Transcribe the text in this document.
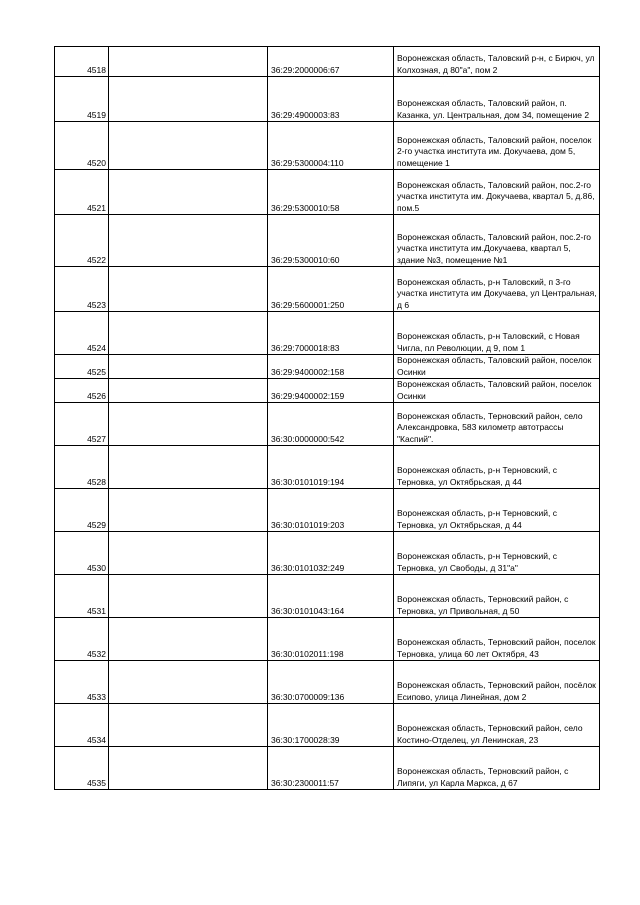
4518		36:29:2000006:67	Воронежская область, Таловский р-н, с Бирюч, ул Колхозная, д 80"а", пом 2
4519		36:29:4900003:83	Воронежская область, Таловский район, п. Казанка, ул. Центральная, дом 34, помещение 2
4520		36:29:5300004:110	Воронежская область, Таловский район, поселок 2-го участка института им. Докучаева, дом 5, помещение 1
4521		36:29:5300010:58	Воронежская область, Таловский район, пос.2-го участка института им. Докучаева, квартал 5, д.86, пом.5
4522		36:29:5300010:60	Воронежская область, Таловский район, пос.2-го участка института им.Докучаева, квартал 5, здание №3, помещение №1
4523		36:29:5600001:250	Воронежская область, р-н Таловский, п 3-го участка института им Докучаева, ул Центральная, д 6
4524		36:29:7000018:83	Воронежская область, р-н Таловский, с Новая Чигла, пл Революции, д 9, пом 1
4525		36:29:9400002:158	Воронежская область, Таловский район, поселок Осинки
4526		36:29:9400002:159	Воронежская область, Таловский район, поселок Осинки
4527		36:30:0000000:542	Воронежская область, Терновский район, село Александровка, 583 километр автотрассы "Каспий".
4528		36:30:0101019:194	Воронежская область, р-н Терновский, с Терновка, ул Октябрьская, д 44
4529		36:30:0101019:203	Воронежская область, р-н Терновский, с Терновка, ул Октябрьская, д 44
4530		36:30:0101032:249	Воронежская область, р-н Терновский, с Терновка, ул Свободы, д 31"а"
4531		36:30:0101043:164	Воронежская область, Терновский район, с Терновка, ул Привольная, д 50
4532		36:30:0102011:198	Воронежская область, Терновский район, поселок Терновка, улица 60 лет Октября, 43
4533		36:30:0700009:136	Воронежская область, Терновский район, посёлок Есипово, улица Линейная, дом 2
4534		36:30:1700028:39	Воронежская область, Терновский район, село Костино-Отделец, ул Ленинская, 23
4535		36:30:2300011:57	Воронежская область, Терновский район, с Липяги, ул Карла Маркса, д 67
